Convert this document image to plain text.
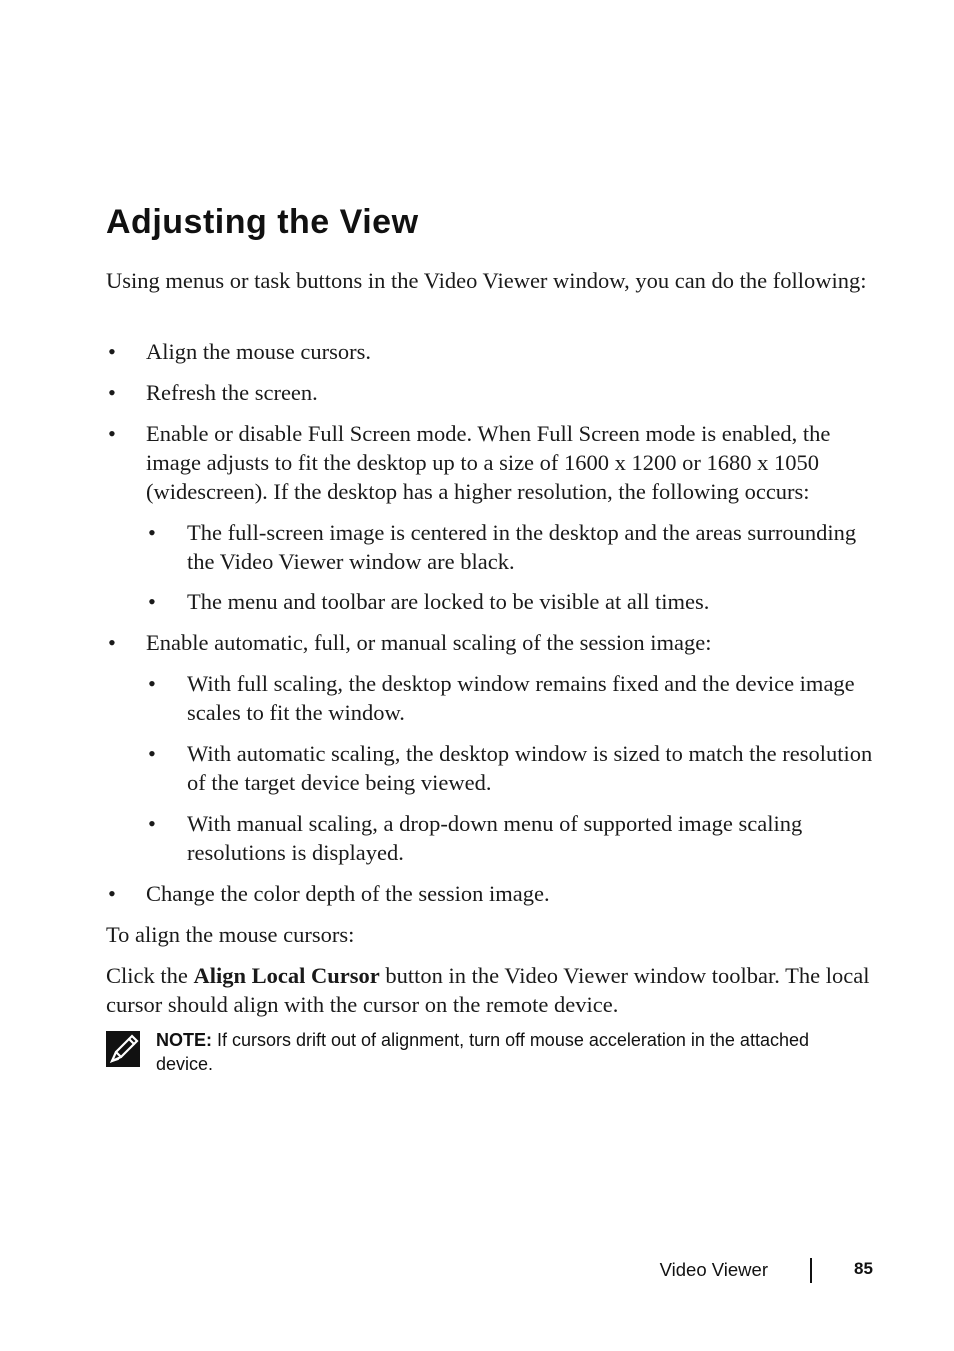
Adjusting the View

Using menus or task buttons in the Video Viewer window, you can do the following:

• Align the mouse cursors.
• Refresh the screen.
• Enable or disable Full Screen mode. When Full Screen mode is enabled, the image adjusts to fit the desktop up to a size of 1600 x 1200 or 1680 x 1050 (widescreen). If the desktop has a higher resolution, the following occurs:
• The full-screen image is centered in the desktop and the areas surrounding the Video Viewer window are black.
• The menu and toolbar are locked to be visible at all times.
• Enable automatic, full, or manual scaling of the session image:
• With full scaling, the desktop window remains fixed and the device image scales to fit the window.
• With automatic scaling, the desktop window is sized to match the resolution of the target device being viewed.
• With manual scaling, a drop-down menu of supported image scaling resolutions is displayed.
• Change the color depth of the session image.

To align the mouse cursors:

Click the Align Local Cursor button in the Video Viewer window toolbar. The local cursor should align with the cursor on the remote device.

NOTE: If cursors drift out of alignment, turn off mouse acceleration in the attached device.
Video Viewer	85
